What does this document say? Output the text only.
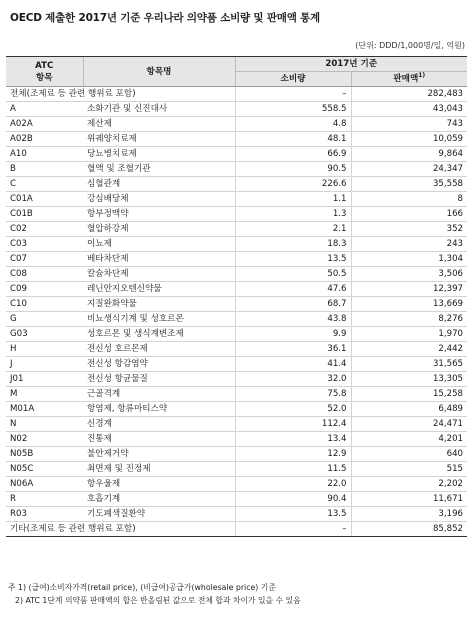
OECD 제출한 2017년 기준 우리나라 의약품 소비량 및 판매액 통계
(단위: DDD/1,000명/일, 억원)
ATC
항목	항목명	2017년 기준	
		소비량	판매액$^{1)}$
전체(조제료 등 관련 행위료 포함)		–	282,483
A	소화기관 및 신진대사	558.5	43,043
A02A	제산제	4.8	743
A02B	위궤양치료제	48.1	10,059
A10	당뇨병치료제	66.9	9,864
B	혈액 및 조혈기관	90.5	24,347
C	심혈관계	226.6	35,558
C01A	강심배당체	1.1	8
C01B	항부정맥약	1.3	166
C02	혈압하강제	2.1	352
C03	이뇨제	18.3	243
C07	베타차단제	13.5	1,304
C08	칼슘차단제	50.5	3,506
C09	레닌안지오텐신약물	47.6	12,397
C10	지질완화약물	68.7	13,669
G	비뇨생식기계 및 성호르몬	43.8	8,276
G03	성호르몬 및 생식계변조제	9.9	1,970
H	전신성 호르몬제	36.1	2,442
J	전신성 항감염약	41.4	31,565
J01	전신성 항균물질	32.0	13,305
M	근골격계	75.8	15,258
M01A	항염제, 항류마티스약	52.0	6,489
N	신경계	112.4	24,471
N02	진통제	13.4	4,201
N05B	불안제거약	12.9	640
N05C	최면제 및 진정제	11.5	515
N06A	항우울제	22.0	2,202
R	호흡기계	90.4	11,671
R03	기도폐색질환약	13.5	3,196
기타(조제료 등 관련 행위료 포함)		–	85,852
주 1) (급여)소비자가격(retail price), (비급여)공급가(wholesale price) 기준
2) ATC 1단계 의약품 판매액의 합은 반올림된 값으로 전체 합과 차이가 있을 수 있음
